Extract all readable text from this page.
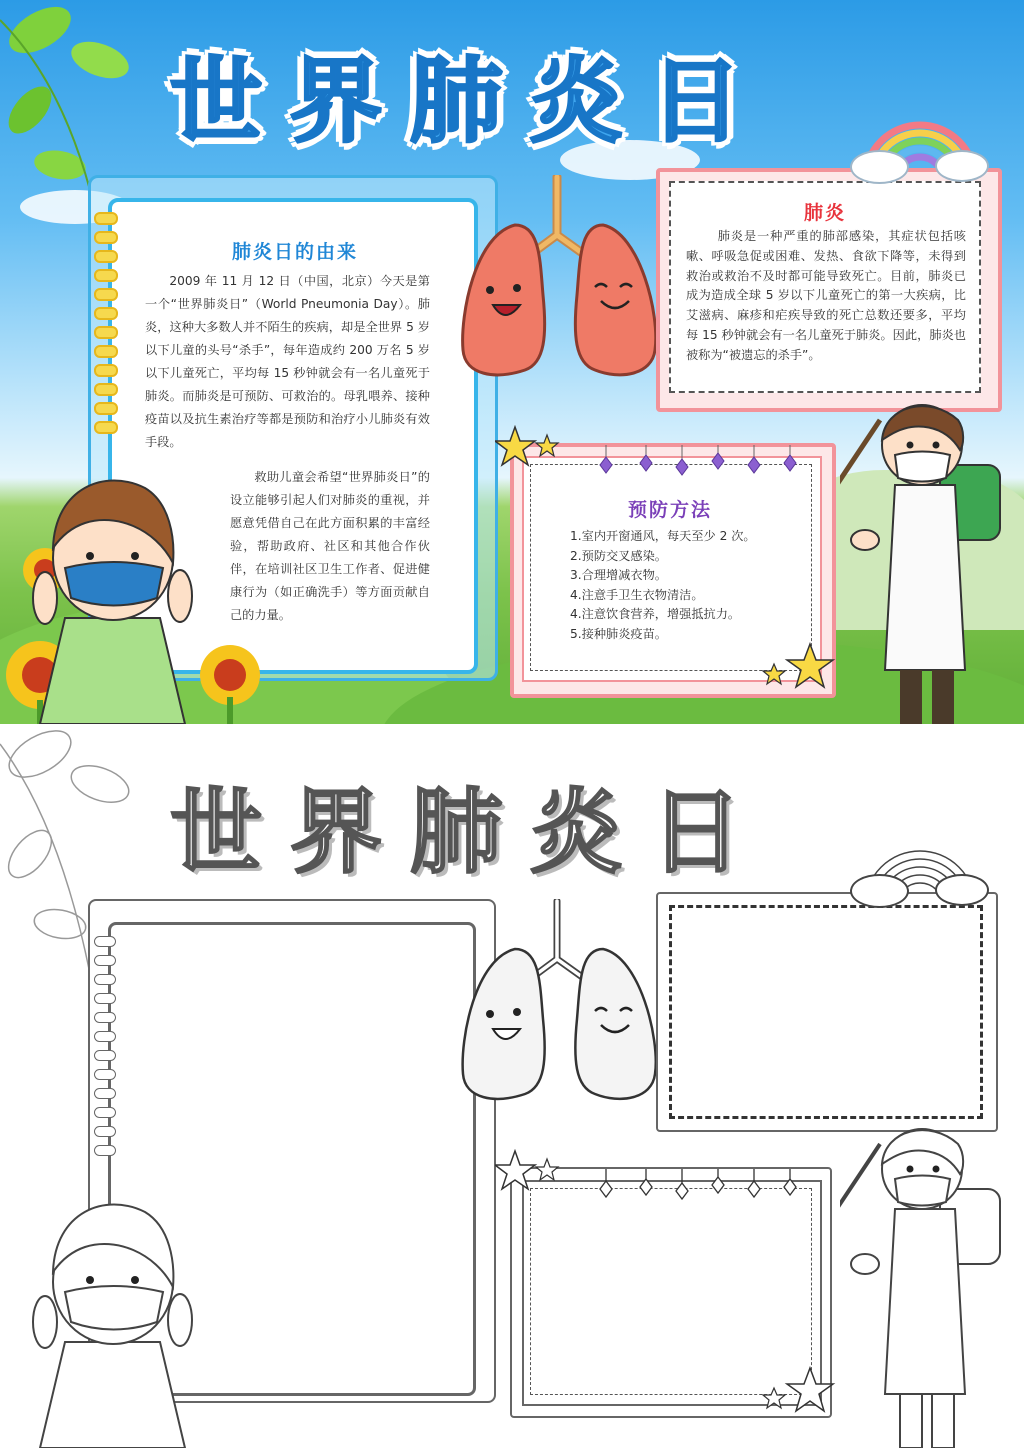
世界肺炎日
肺炎日的由来
2009 年 11 月 12 日（中国，北京）今天是第一个“世界肺炎日”（World Pneumonia Day）。肺炎，这种大多数人并不陌生的疾病，却是全世界 5 岁以下儿童的头号“杀手”，每年造成约 200 万名 5 岁以下儿童死亡，平均每 15 秒钟就会有一名儿童死于肺炎。而肺炎是可预防、可救治的。母乳喂养、接种疫苗以及抗生素治疗等都是预防和治疗小儿肺炎有效手段。
救助儿童会希望“世界肺炎日”的设立能够引起人们对肺炎的重视，并愿意凭借自己在此方面积累的丰富经验，帮助政府、社区和其他合作伙伴，在培训社区卫生工作者、促进健康行为（如正确洗手）等方面贡献自己的力量。
肺炎
肺炎是一种严重的肺部感染，其症状包括咳嗽、呼吸急促或困难、发热、食欲下降等，未得到救治或救治不及时都可能导致死亡。目前，肺炎已成为造成全球 5 岁以下儿童死亡的第一大疾病，比艾滋病、麻疹和疟疾导致的死亡总数还要多，平均每 15 秒钟就会有一名儿童死于肺炎。因此，肺炎也被称为“被遗忘的杀手”。
预防方法
1.室内开窗通风，每天至少 2 次。
2.预防交叉感染。
3.合理增减衣物。
4.注意手卫生衣物清洁。
4.注意饮食营养，增强抵抗力。
5.接种肺炎疫苗。
世界肺炎日
